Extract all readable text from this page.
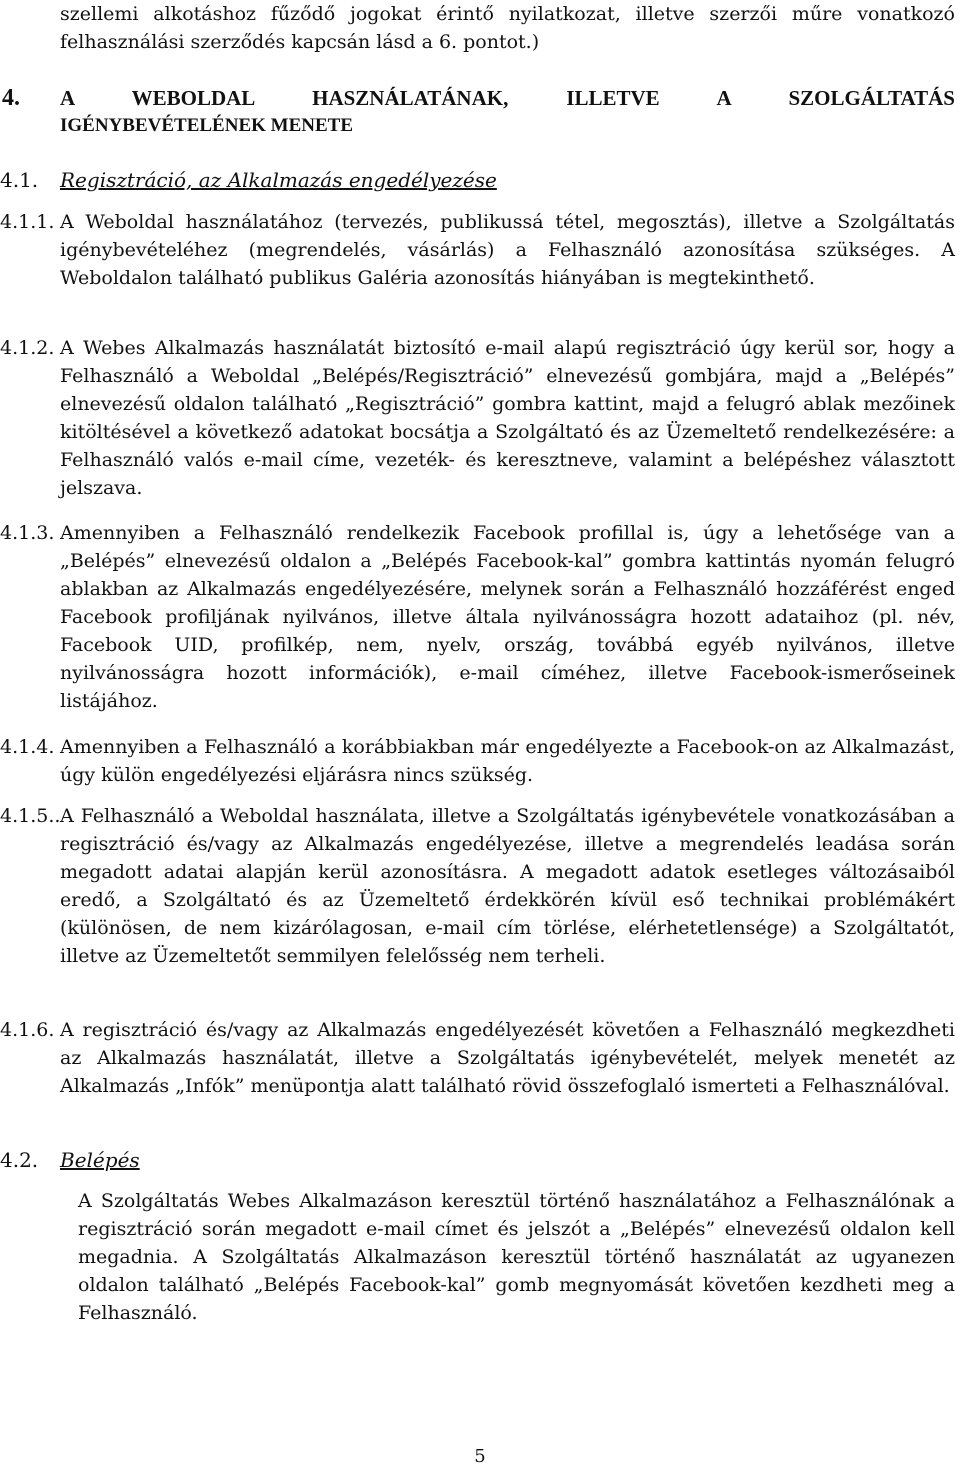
szellemi alkotáshoz fűződő jogokat érintő nyilatkozat, illetve szerzői műre vonatkozó felhasználási szerződés kapcsán lásd a 6. pontot.)

4. A WEBOLDAL HASZNÁLATÁNAK, ILLETVE A SZOLGÁLTATÁS
IGÉNYBEVÉTELÉNEK MENETE
4.1. Regisztráció, az Alkalmazás engedélyezése
4.1.1. A Weboldal használatához (tervezés, publikussá tétel, megosztás), illetve a Szolgáltatás igénybevételéhez (megrendelés, vásárlás) a Felhasználó azonosítása szükséges. A Weboldalon található publikus Galéria azonosítás hiányában is megtekinthető.
4.1.2. A Webes Alkalmazás használatát biztosító e-mail alapú regisztráció úgy kerül sor, hogy a Felhasználó a Weboldal „Belépés/Regisztráció” elnevezésű gombjára, majd a „Belépés” elnevezésű oldalon található „Regisztráció” gombra kattint, majd a felugró ablak mezőinek kitöltésével a következő adatokat bocsátja a Szolgáltató és az Üzemeltető rendelkezésére: a Felhasználó valós e-mail címe, vezeték- és keresztneve, valamint a belépéshez választott jelszava.
4.1.3. Amennyiben a Felhasználó rendelkezik Facebook profillal is, úgy a lehetősége van a „Belépés” elnevezésű oldalon a „Belépés Facebook-kal” gombra kattintás nyomán felugró ablakban az Alkalmazás engedélyezésére, melynek során a Felhasználó hozzáférést enged Facebook profiljának nyilvános, illetve általa nyilvánosságra hozott adataihoz (pl. név, Facebook UID, profilkép, nem, nyelv, ország, továbbá egyéb nyilvános, illetve nyilvánosságra hozott információk), e-mail címéhez, illetve Facebook-ismerőseinek listájához.
4.1.4. Amennyiben a Felhasználó a korábbiakban már engedélyezte a Facebook-on az Alkalmazást, úgy külön engedélyezési eljárásra nincs szükség.
4.1.5.. A Felhasználó a Weboldal használata, illetve a Szolgáltatás igénybevétele vonatkozásában a regisztráció és/vagy az Alkalmazás engedélyezése, illetve a megrendelés leadása során megadott adatai alapján kerül azonosításra. A megadott adatok esetleges változásaiból eredő, a Szolgáltató és az Üzemeltető érdekkörén kívül eső technikai problémákért (különösen, de nem kizárólagosan, e-mail cím törlése, elérhetetlensége) a Szolgáltatót, illetve az Üzemeltetőt semmilyen felelősség nem terheli.
4.1.6. A regisztráció és/vagy az Alkalmazás engedélyezését követően a Felhasználó megkezdheti az Alkalmazás használatát, illetve a Szolgáltatás igénybevételét, melyek menetét az Alkalmazás „Infók” menüpontja alatt található rövid összefoglaló ismerteti a Felhasználóval.
4.2. Belépés
A Szolgáltatás Webes Alkalmazáson keresztül történő használatához a Felhasználónak a regisztráció során megadott e-mail címet és jelszót a „Belépés” elnevezésű oldalon kell megadnia. A Szolgáltatás Alkalmazáson keresztül történő használatát az ugyanezen oldalon található „Belépés Facebook-kal” gomb megnyomását követően kezdheti meg a Felhasználó.
5
